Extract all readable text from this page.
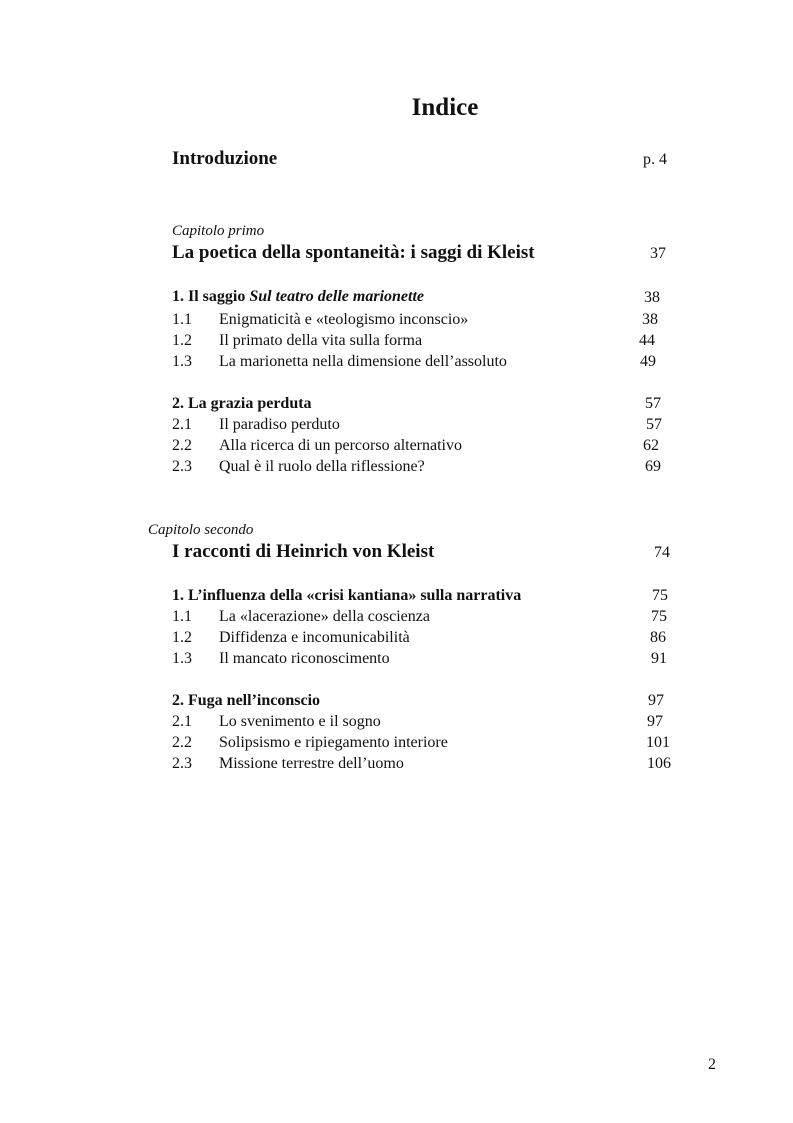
Indice
Introduzione	p. 4
Capitolo primo
La poetica della spontaneità: i saggi di Kleist	37
1. Il saggio Sul teatro delle marionette	38
1.1 Enigmaticità e «teologismo inconscio»	38
1.2 Il primato della vita sulla forma	44
1.3 La marionetta nella dimensione dell’assoluto	49
2. La grazia perduta	57
2.1 Il paradiso perduto	57
2.2 Alla ricerca di un percorso alternativo	62
2.3 Qual è il ruolo della riflessione?	69
Capitolo secondo
I racconti di Heinrich von Kleist	74
1. L’influenza della «crisi kantiana» sulla narrativa	75
1.1 La «lacerazione» della coscienza	75
1.2 Diffidenza e incomunicabilità	86
1.3 Il mancato riconoscimento	91
2. Fuga nell’inconscio	97
2.1 Lo svenimento e il sogno	97
2.2 Solipsismo e ripiegamento interiore	101
2.3 Missione terrestre dell’uomo	106
2
